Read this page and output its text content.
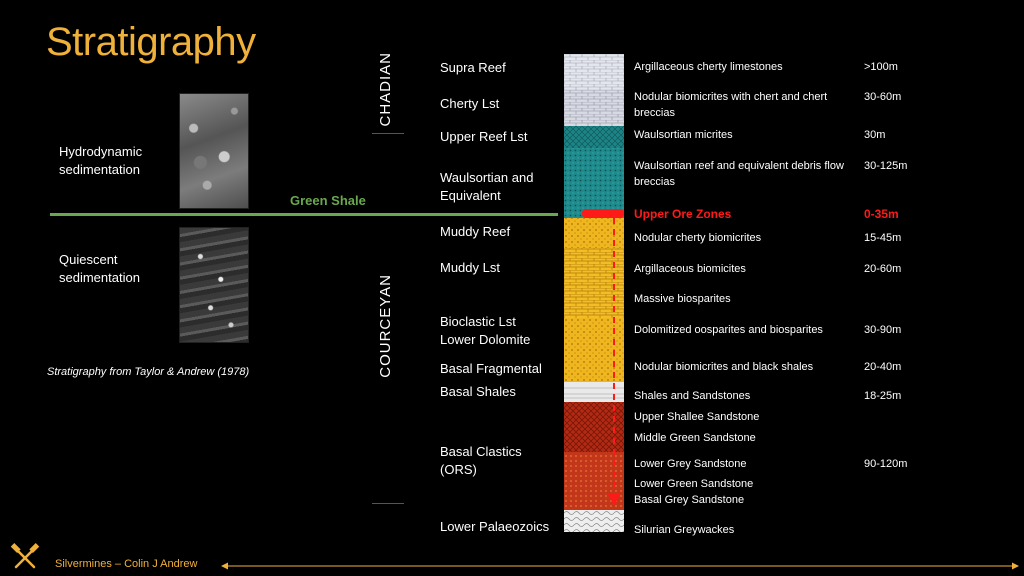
Stratigraphy
Hydrodynamic sedimentation
Quiescent sedimentation
Stratigraphy from Taylor & Andrew (1978)
Green Shale
CHADIAN
COURCEYAN
Supra Reef
Cherty Lst
Upper Reef Lst
Waulsortian and Equivalent
Muddy Reef
Muddy Lst
Bioclastic Lst
Lower Dolomite
Basal Fragmental
Basal Shales
Basal Clastics (ORS)
Lower Palaeozoics
Argillaceous cherty limestones
Nodular biomicrites with chert and chert breccias
Waulsortian micrites
Waulsortian reef and equivalent debris flow breccias
Upper Ore Zones
Nodular cherty biomicrites
Argillaceous biomicites
Massive biosparites
Dolomitized oosparites and biosparites
Nodular biomicrites and black shales
Shales and Sandstones
Upper Shallee Sandstone
Middle Green Sandstone
Lower Grey Sandstone
Lower Green Sandstone
Basal Grey Sandstone
Silurian Greywackes
>100m
30-60m
30m
30-125m
0-35m
15-45m
20-60m
30-90m
20-40m
18-25m
90-120m
Silvermines – Colin J Andrew
